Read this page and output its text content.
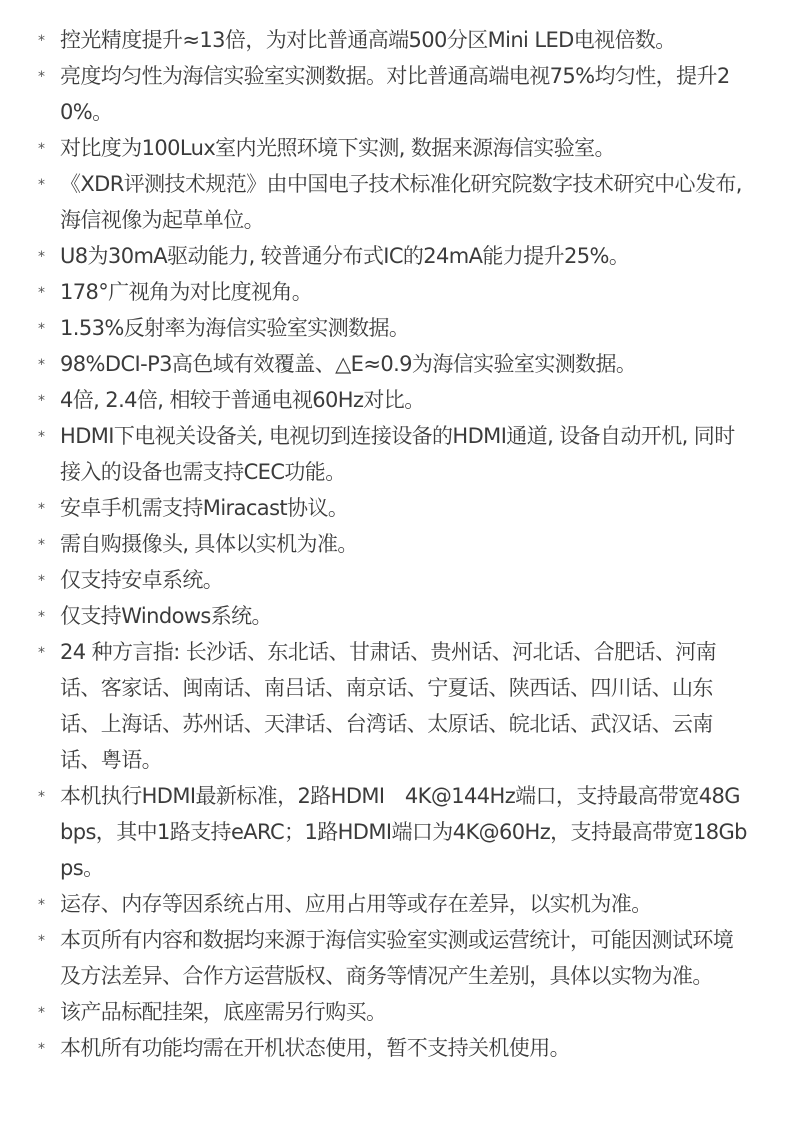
* 控光精度提升≈13倍，为对比普通高端500分区Mini LED电视倍数。
* 亮度均匀性为海信实验室实测数据。对比普通高端电视75%均匀性，提升20%。
* 对比度为100Lux室内光照环境下实测, 数据来源海信实验室。
* 《XDR评测技术规范》由中国电子技术标准化研究院数字技术研究中心发布, 海信视像为起草单位。
* U8为30mA驱动能力, 较普通分布式IC的24mA能力提升25%。
* 178°广视角为对比度视角。
* 1.53%反射率为海信实验室实测数据。
* 98%DCI-P3高色域有效覆盖、△E≈0.9为海信实验室实测数据。
* 4倍, 2.4倍, 相较于普通电视60Hz对比。
* HDMI下电视关设备关, 电视切到连接设备的HDMI通道, 设备自动开机, 同时接入的设备也需支持CEC功能。
* 安卓手机需支持Miracast协议。
* 需自购摄像头, 具体以实机为准。
* 仅支持安卓系统。
* 仅支持Windows系统。
* 24 种方言指: 长沙话、东北话、甘肃话、贵州话、河北话、合肥话、河南话、客家话、闽南话、南吕话、南京话、宁夏话、陕西话、四川话、山东话、上海话、苏州话、天津话、台湾话、太原话、皖北话、武汉话、云南话、粤语。
* 本机执行HDMI最新标准，2路HDMI　4K@144Hz端口，支持最高带宽48Gbps，其中1路支持eARC；1路HDMI端口为4K@60Hz，支持最高带宽18Gbps。
* 运存、内存等因系统占用、应用占用等或存在差异，以实机为准。
* 本页所有内容和数据均来源于海信实验室实测或运营统计，可能因测试环境及方法差异、合作方运营版权、商务等情况产生差别，具体以实物为准。
* 该产品标配挂架，底座需另行购买。
* 本机所有功能均需在开机状态使用，暂不支持关机使用。
